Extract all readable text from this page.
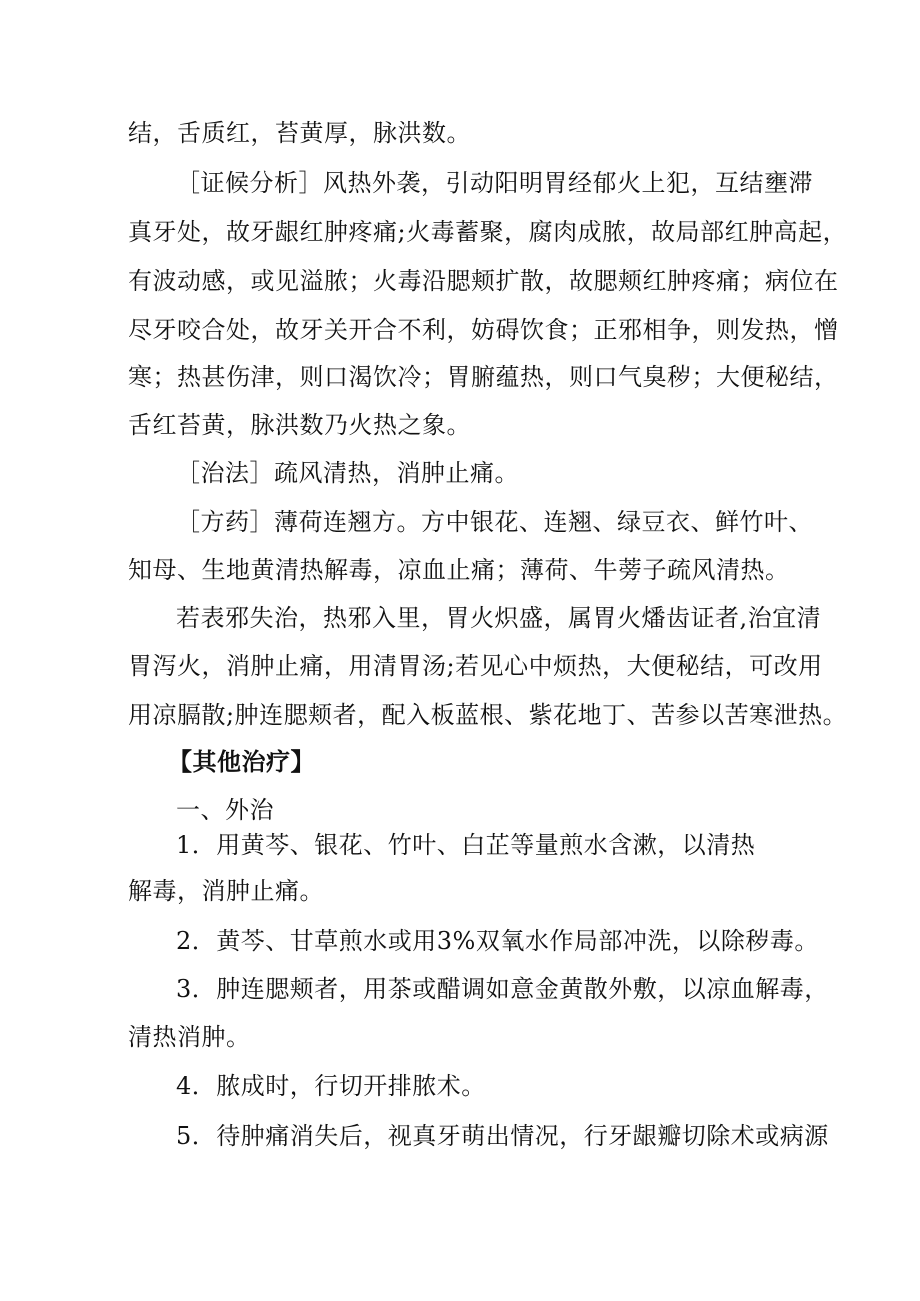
结，舌质红，苔黄厚，脉洪数。
［证候分析］风热外袭，引动阳明胃经郁火上犯，互结壅滞
真牙处，故牙龈红肿疼痛;火毒蓄聚，腐肉成脓，故局部红肿高起，
有波动感，或见溢脓；火毒沿腮颊扩散，故腮颊红肿疼痛；病位在
尽牙咬合处，故牙关开合不利，妨碍饮食；正邪相争，则发热，憎
寒；热甚伤津，则口渴饮冷；胃腑蕴热，则口气臭秽；大便秘结，
舌红苔黄，脉洪数乃火热之象。
［治法］疏风清热，消肿止痛。
［方药］薄荷连翘方。方中银花、连翘、绿豆衣、鲜竹叶、
知母、生地黄清热解毒，凉血止痛；薄荷、牛蒡子疏风清热。
若表邪失治，热邪入里，胃火炽盛，属胃火燔齿证者,治宜清
胃泻火，消肿止痛，用清胃汤;若见心中烦热，大便秘结，可改用
用凉膈散;肿连腮颊者，配入板蓝根、紫花地丁、苦参以苦寒泄热。
【其他治疗】
一、外治
1．用黄芩、银花、竹叶、白芷等量煎水含漱，以清热
解毒，消肿止痛。
2．黄芩、甘草煎水或用3%双氧水作局部冲洗，以除秽毒。
3．肿连腮颊者，用茶或醋调如意金黄散外敷，以凉血解毒，
清热消肿。
4．脓成时，行切开排脓术。
5．待肿痛消失后，视真牙萌出情况，行牙龈瓣切除术或病源
